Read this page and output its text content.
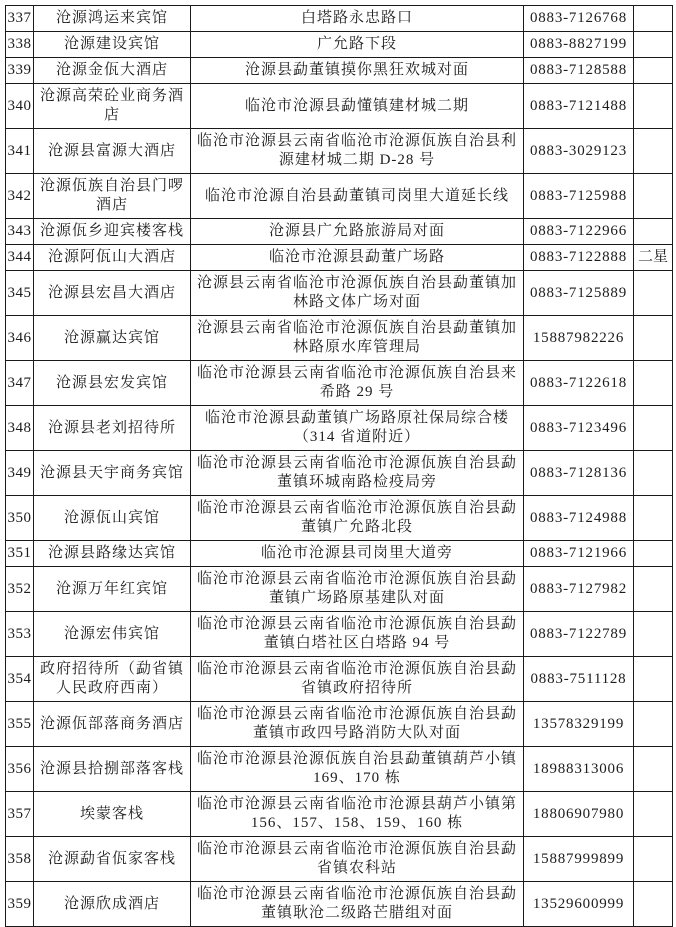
337	沧源鸿运来宾馆	白塔路永忠路口	0883-7126768	
338	沧源建设宾馆	广允路下段	0883-8827199	
339	沧源金佤大酒店	沧源县勐董镇摸你黑狂欢城对面	0883-7128588	
340	沧源高荣砼业商务酒店	临沧市沧源县勐懂镇建材城二期	0883-7121488	
341	沧源县富源大酒店	临沧市沧源县云南省临沧市沧源佤族自治县利源建材城二期 D-28 号	0883-3029123	
342	沧源佤族自治县门啰酒店	临沧市沧源自治县勐董镇司岗里大道延长线	0883-7125988	
343	沧源佤乡迎宾楼客栈	沧源县广允路旅游局对面	0883-7122966	
344	沧源阿佤山大酒店	临沧市沧源县勐董广场路	0883-7122888	二星
345	沧源县宏昌大酒店	沧源县云南省临沧市沧源佤族自治县勐董镇加林路文体广场对面	0883-7125889	
346	沧源赢达宾馆	沧源县云南省临沧市沧源佤族自治县勐董镇加林路原水库管理局	15887982226	
347	沧源县宏发宾馆	临沧市沧源县云南省临沧市沧源佤族自治县来希路 29 号	0883-7122618	
348	沧源县老刘招待所	临沧市沧源县勐董镇广场路原社保局综合楼（314 省道附近）	0883-7123496	
349	沧源县天宇商务宾馆	临沧市沧源县云南省临沧市沧源佤族自治县勐董镇环城南路检疫局旁	0883-7128136	
350	沧源佤山宾馆	临沧市沧源县云南省临沧市沧源佤族自治县勐董镇广允路北段	0883-7124988	
351	沧源县路缘达宾馆	临沧市沧源县司岗里大道旁	0883-7121966	
352	沧源万年红宾馆	临沧市沧源县云南省临沧市沧源佤族自治县勐董镇广场路原基建队对面	0883-7127982	
353	沧源宏伟宾馆	临沧市沧源县云南省临沧市沧源佤族自治县勐董镇白塔社区白塔路 94 号	0883-7122789	
354	政府招待所（勐省镇人民政府西南）	临沧市沧源县云南省临沧市沧源佤族自治县勐省镇政府招待所	0883-7511128	
355	沧源佤部落商务酒店	临沧市沧源县云南省临沧市沧源佤族自治县勐董镇市政四号路消防大队对面	13578329199	
356	沧源县拾捌部落客栈	临沧市沧源县沧源佤族自治县勐董镇葫芦小镇 169、170 栋	18988313006	
357	埃蒙客栈	临沧市沧源县云南省临沧市沧源县葫芦小镇第 156、157、158、159、160 栋	18806907980	
358	沧源勐省佤家客栈	临沧市沧源县云南省临沧市沧源佤族自治县勐省镇农科站	15887999899	
359	沧源欣成酒店	临沧市沧源县云南省临沧市沧源佤族自治县勐董镇耿沧二级路芒腊组对面	13529600999	
